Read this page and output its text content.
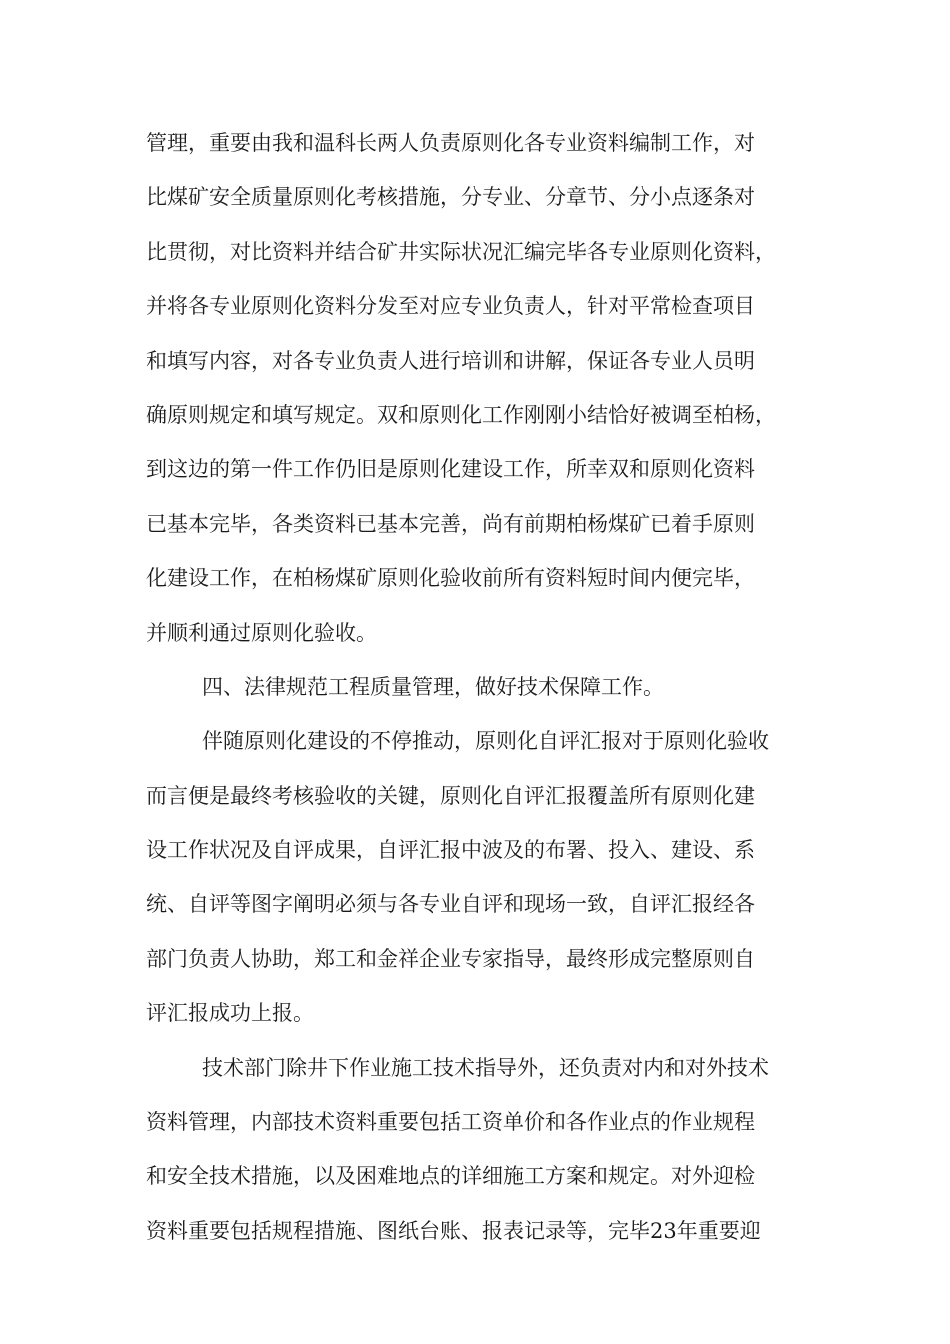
管理，重要由我和温科长两人负责原则化各专业资料编制工作，对
比煤矿安全质量原则化考核措施，分专业、分章节、分小点逐条对
比贯彻，对比资料并结合矿井实际状况汇编完毕各专业原则化资料，
并将各专业原则化资料分发至对应专业负责人，针对平常检查项目
和填写内容，对各专业负责人进行培训和讲解，保证各专业人员明
确原则规定和填写规定。双和原则化工作刚刚小结恰好被调至柏杨，
到这边的第一件工作仍旧是原则化建设工作，所幸双和原则化资料
已基本完毕，各类资料已基本完善，尚有前期柏杨煤矿已着手原则
化建设工作，在柏杨煤矿原则化验收前所有资料短时间内便完毕，
并顺利通过原则化验收。
四、法律规范工程质量管理，做好技术保障工作。
伴随原则化建设的不停推动，原则化自评汇报对于原则化验收
而言便是最终考核验收的关键，原则化自评汇报覆盖所有原则化建
设工作状况及自评成果，自评汇报中波及的布署、投入、建设、系
统、自评等图字阐明必须与各专业自评和现场一致，自评汇报经各
部门负责人协助，郑工和金祥企业专家指导，最终形成完整原则自
评汇报成功上报。
技术部门除井下作业施工技术指导外，还负责对内和对外技术
资料管理，内部技术资料重要包括工资单价和各作业点的作业规程
和安全技术措施，以及困难地点的详细施工方案和规定。对外迎检
资料重要包括规程措施、图纸台账、报表记录等，完毕23年重要迎
